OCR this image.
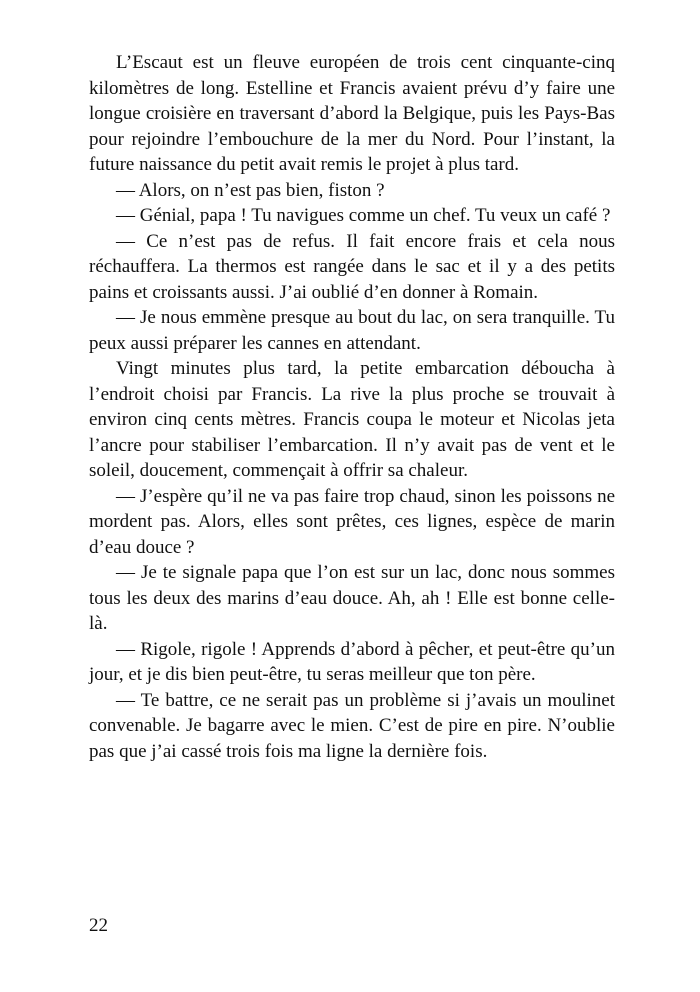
L’Escaut est un fleuve européen de trois cent cinquante-cinq kilomètres de long. Estelline et Francis avaient prévu d’y faire une longue croisière en traversant d’abord la Belgique, puis les Pays-Bas pour rejoindre l’embouchure de la mer du Nord. Pour l’instant, la future naissance du petit avait remis le projet à plus tard.

— Alors, on n’est pas bien, fiston ?

— Génial, papa ! Tu navigues comme un chef. Tu veux un café ?

— Ce n’est pas de refus. Il fait encore frais et cela nous réchauffera. La thermos est rangée dans le sac et il y a des petits pains et croissants aussi. J’ai oublié d’en donner à Romain.

— Je nous emmène presque au bout du lac, on sera tranquille. Tu peux aussi préparer les cannes en attendant.

Vingt minutes plus tard, la petite embarcation déboucha à l’endroit choisi par Francis. La rive la plus proche se trouvait à environ cinq cents mètres. Francis coupa le moteur et Nicolas jeta l’ancre pour stabiliser l’embarcation. Il n’y avait pas de vent et le soleil, doucement, commençait à offrir sa chaleur.

— J’espère qu’il ne va pas faire trop chaud, sinon les poissons ne mordent pas. Alors, elles sont prêtes, ces lignes, espèce de marin d’eau douce ?

— Je te signale papa que l’on est sur un lac, donc nous sommes tous les deux des marins d’eau douce. Ah, ah ! Elle est bonne celle-là.

— Rigole, rigole ! Apprends d’abord à pêcher, et peut-être qu’un jour, et je dis bien peut-être, tu seras meilleur que ton père.

— Te battre, ce ne serait pas un problème si j’avais un moulinet convenable. Je bagarre avec le mien. C’est de pire en pire. N’oublie pas que j’ai cassé trois fois ma ligne la dernière fois.

22
